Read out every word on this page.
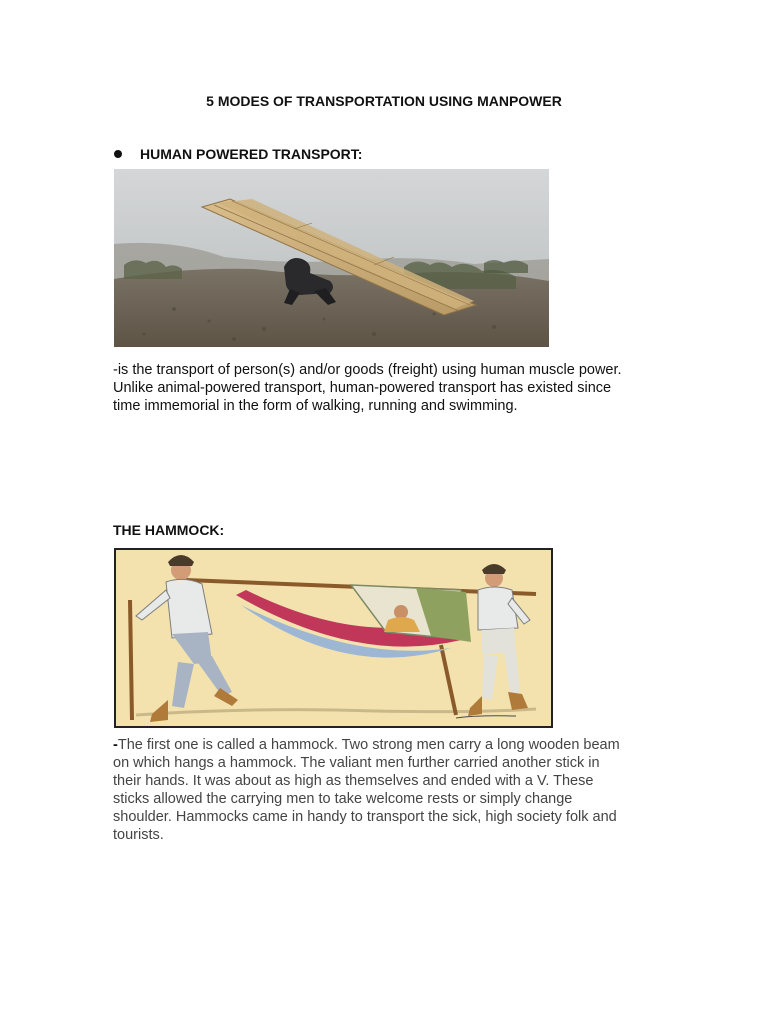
5 MODES OF TRANSPORTATION USING MANPOWER
HUMAN POWERED TRANSPORT:
-is the transport of person(s) and/or goods (freight) using human muscle power.
Unlike animal-powered transport, human-powered transport has existed since
time immemorial in the form of walking, running and swimming.
THE HAMMOCK:
-The first one is called a hammock. Two strong men carry a long wooden beam
on which hangs a hammock. The valiant men further carried another stick in
their hands. It was about as high as themselves and ended with a V. These
sticks allowed the carrying men to take welcome rests or simply change
shoulder. Hammocks came in handy to transport the sick, high society folk and
tourists.
